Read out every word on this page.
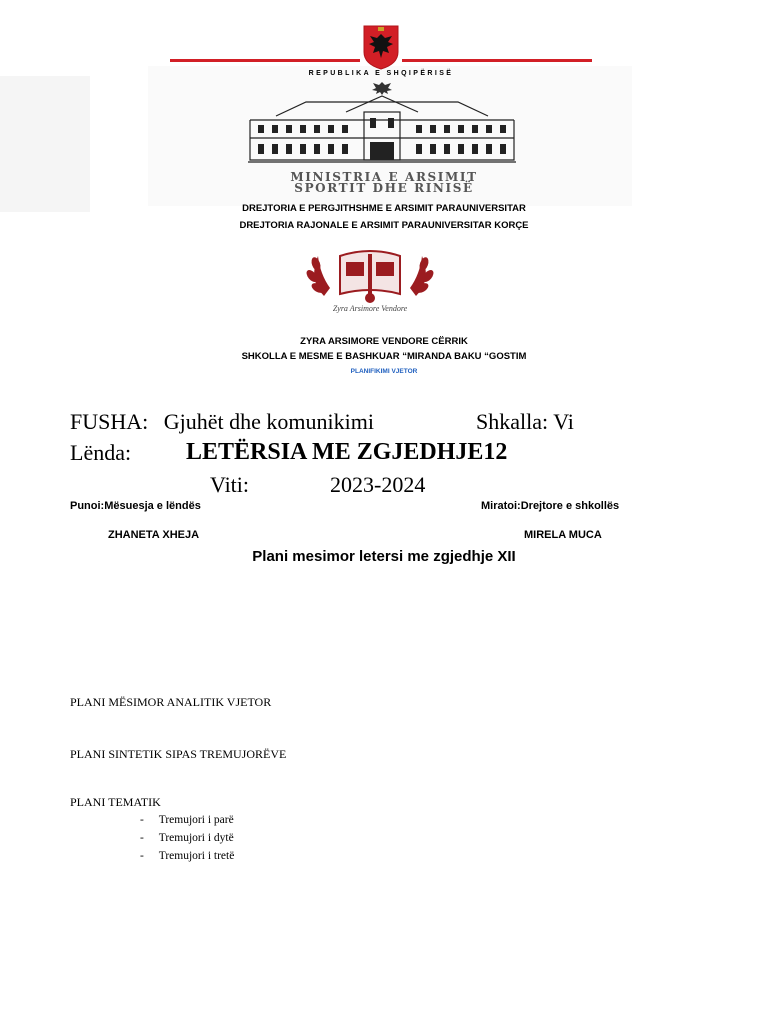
REPUBLIKA E SHQIPËRISË
MINISTRIA E ARSIMIT
SPORTIT DHE RINISË
DREJTORIA E PERGJITHSHME E ARSIMIT PARAUNIVERSITAR
DREJTORIA RAJONALE E ARSIMIT PARAUNIVERSITAR KORÇE
Zyra Arsimore Vendore
ZYRA ARSIMORE VENDORE CËRRIK
SHKOLLA E MESME E BASHKUAR “MIRANDA BAKU “GOSTIM
PLANIFIKIMI VJETOR
FUSHA: Gjuhët dhe komunikimi	Shkalla: Vi
Lënda: LETËRSIA ME ZGJEDHJE12
Viti:	2023-2024
Punoi:Mësuesja e lëndës	Miratoi:Drejtore e shkollës
ZHANETA XHEJA	MIRELA MUCA
Plani mesimor letersi me zgjedhje XII
PLANI MËSIMOR ANALITIK VJETOR
PLANI SINTETIK SIPAS TREMUJORËVE
PLANI TEMATIK
- Tremujori i parë
- Tremujori i dytë
- Tremujori i tretë
